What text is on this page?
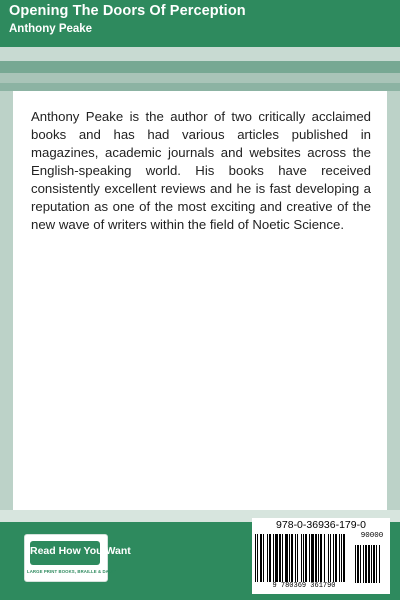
Opening The Doors Of Perception
Anthony Peake

Anthony Peake is the author of two critically acclaimed books and has had various articles published in magazines, academic journals and websites across the English-speaking world. His books have received consistently excellent reviews and he is fast developing a reputation as one of the most exciting and creative of the new wave of writers within the field of Noetic Science.

Read How You Want
LARGE PRINT BOOKS, BRAILLE & DAISY
978-0-36936-179-0
90000
9 780369 361790
